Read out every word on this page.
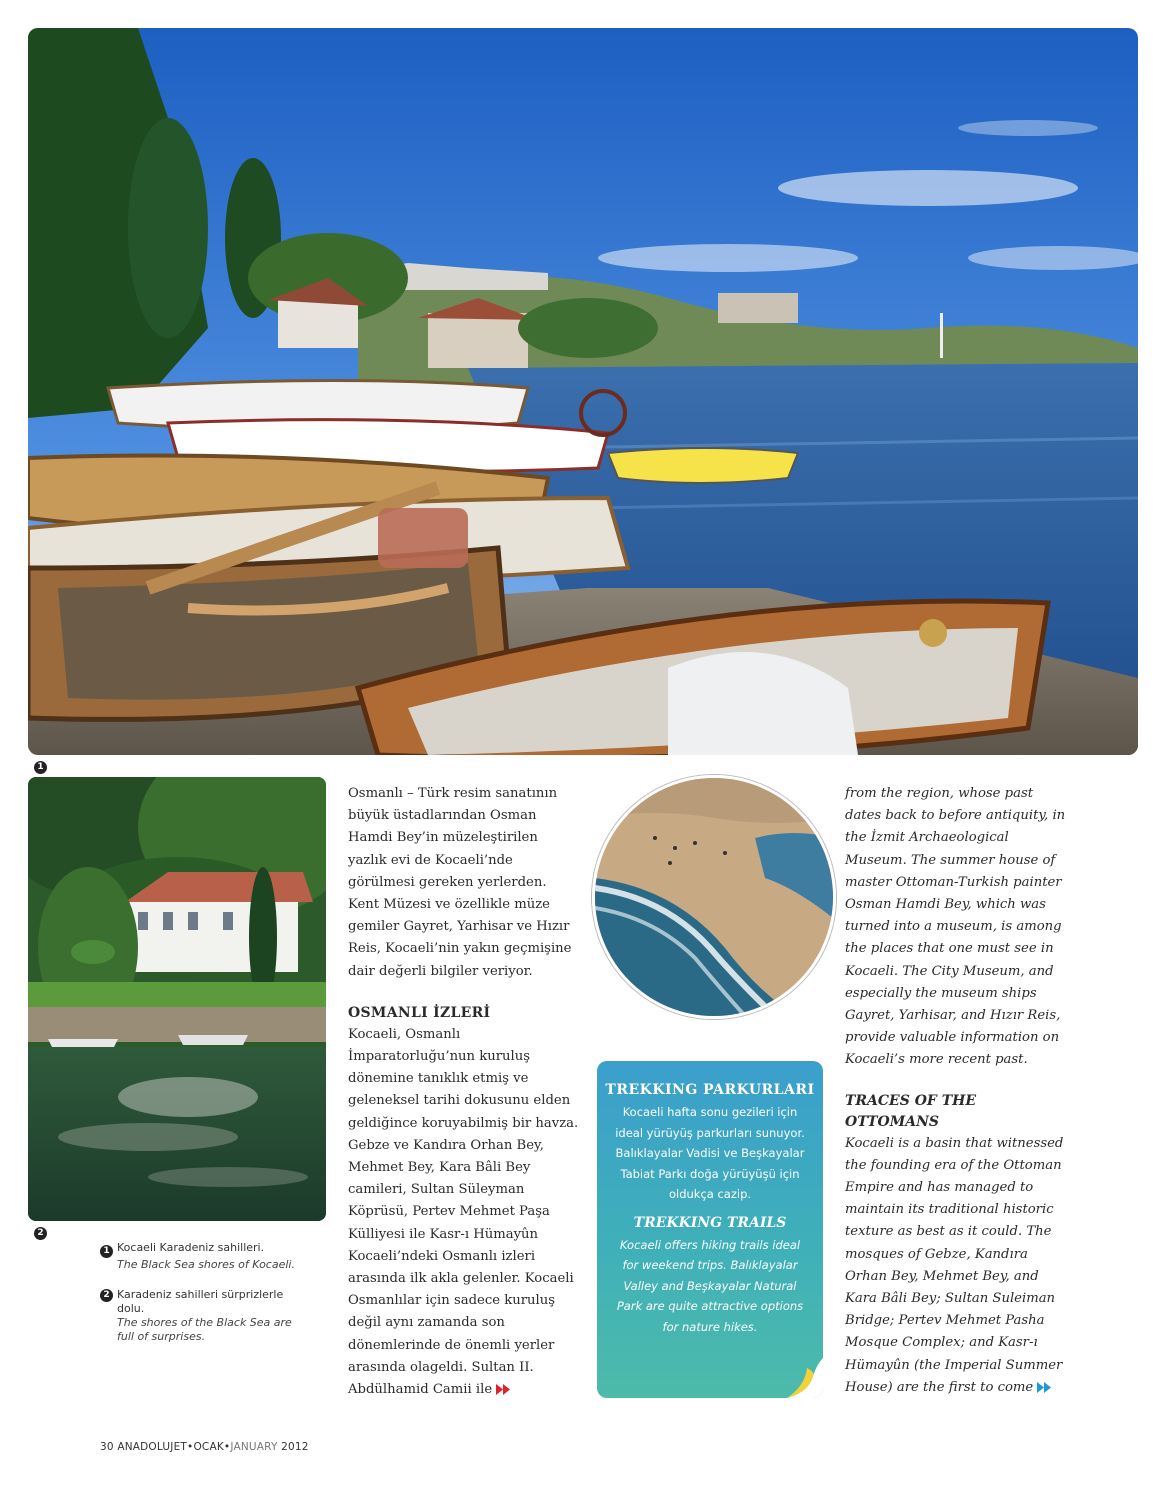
1
2
1 Kocaeli Karadeniz sahilleri.
The Black Sea shores of Kocaeli.
2 Karadeniz sahilleri sürprizlerle dolu.
The shores of the Black Sea are full of surprises.

Osmanlı – Türk resim sanatının büyük üstadlarından Osman Hamdi Bey’in müzeleştirilen yazlık evi de Kocaeli’nde görülmesi gereken yerlerden. Kent Müzesi ve özellikle müze gemiler Gayret, Yarhisar ve Hızır Reis, Kocaeli’nin yakın geçmişine dair değerli bilgiler veriyor.

OSMANLI İZLERİ

Kocaeli, Osmanlı İmparatorluğu’nun kuruluş dönemine tanıklık etmiş ve geleneksel tarihi dokusunu elden geldiğince koruyabilmiş bir havza. Gebze ve Kandıra Orhan Bey, Mehmet Bey, Kara Bâli Bey camileri, Sultan Süleyman Köprüsü, Pertev Mehmet Paşa Külliyesi ile Kasr-ı Hümayûn Kocaeli’ndeki Osmanlı izleri arasında ilk akla gelenler. Kocaeli Osmanlılar için sadece kuruluş değil aynı zamanda son dönemlerinde de önemli yerler arasında olageldi. Sultan II. Abdülhamid Camii ile

TREKKING PARKURLARI
Kocaeli hafta sonu gezileri için ideal yürüyüş parkurları sunuyor. Balıklayalar Vadisi ve Beşkayalar Tabiat Parkı doğa yürüyüşü için oldukça cazip.
TREKKING TRAILS
Kocaeli offers hiking trails ideal for weekend trips. Balıklayalar Valley and Beşkayalar Natural Park are quite attractive options for nature hikes.

from the region, whose past dates back to before antiquity, in the İzmit Archaeological Museum. The summer house of master Ottoman-Turkish painter Osman Hamdi Bey, which was turned into a museum, is among the places that one must see in Kocaeli. The City Museum, and especially the museum ships Gayret, Yarhisar, and Hızır Reis, provide valuable information on Kocaeli’s more recent past.

TRACES OF THE OTTOMANS

Kocaeli is a basin that witnessed the founding era of the Ottoman Empire and has managed to maintain its traditional historic texture as best as it could. The mosques of Gebze, Kandıra Orhan Bey, Mehmet Bey, and Kara Bâli Bey; Sultan Suleiman Bridge; Pertev Mehmet Pasha Mosque Complex; and Kasr-ı Hümayûn (the Imperial Summer House) are the first to come

30 ANADOLUJET•OCAK•JANUARY 2012
